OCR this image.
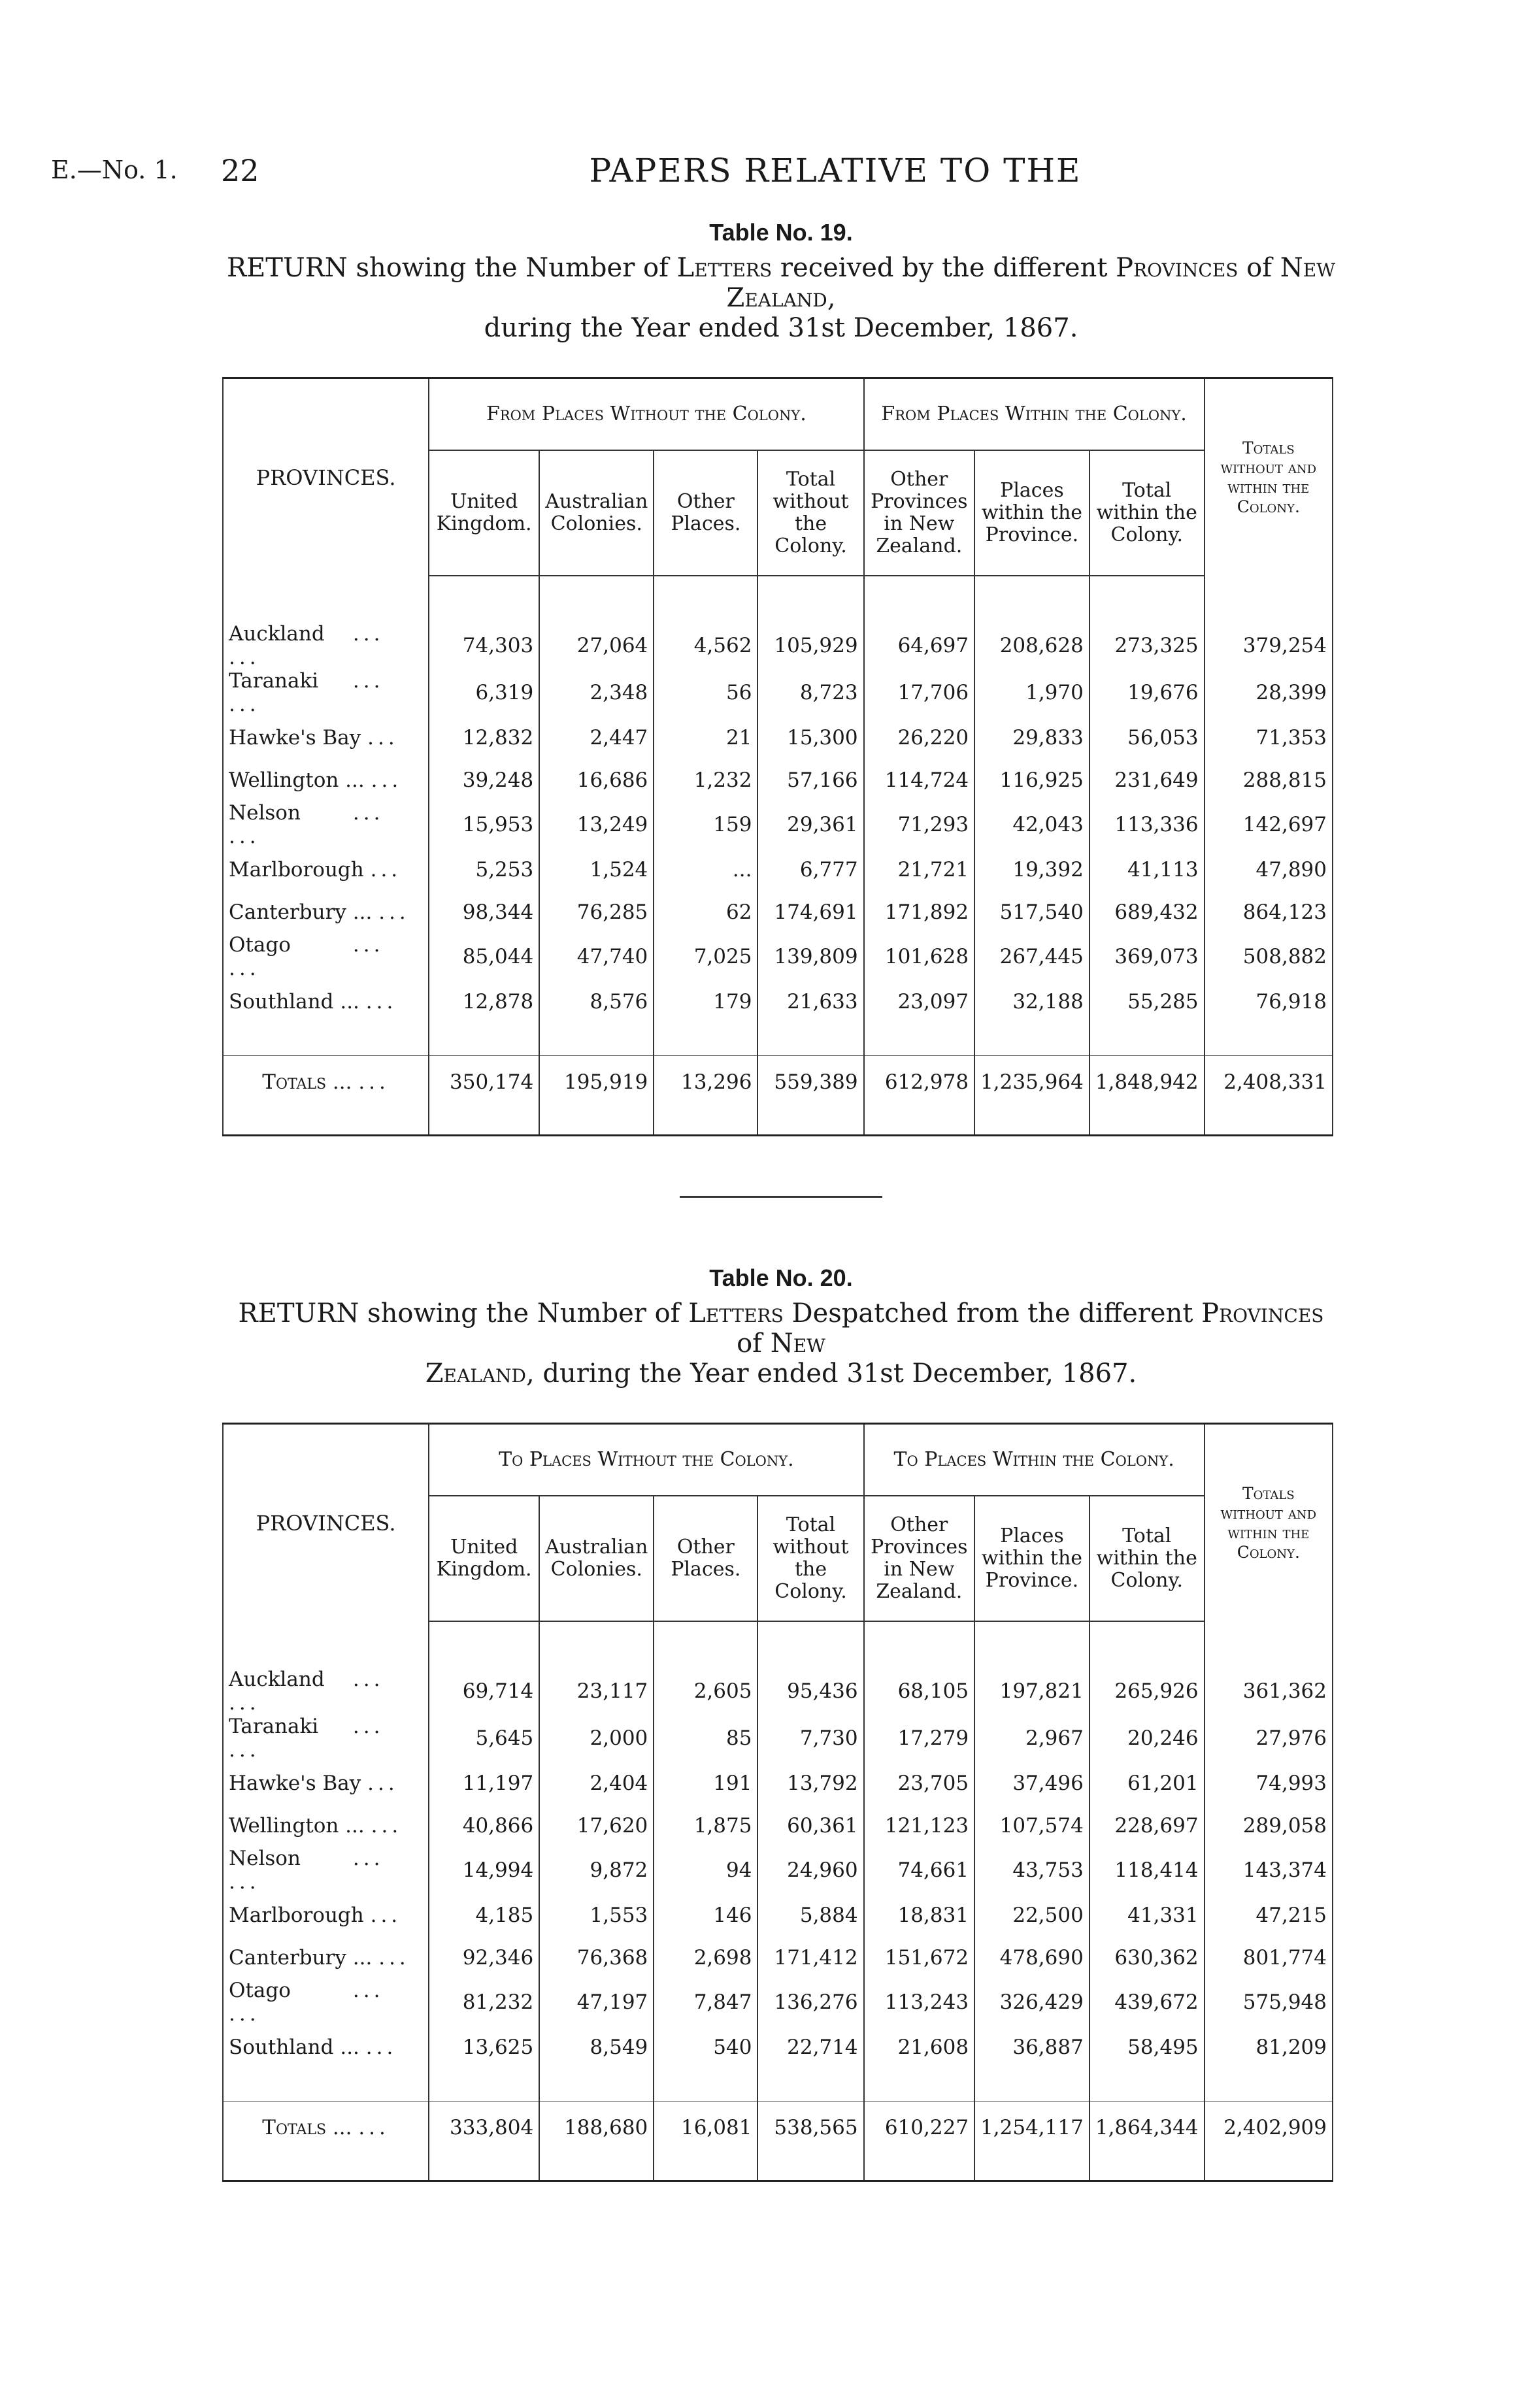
E.—No. 1. 22	PAPERS RELATIVE TO THE
Table No. 19.
RETURN showing the Number of Letters received by the different Provinces of New Zealand,
during the Year ended 31st December, 1867.
PROVINCES.	From Places Without the Colony.				From Places Within the Colony.			Totals without and within the Colony.
	United Kingdom.	Australian Colonies.	Other Places.	Total without the Colony.	Other Provinces in New Zealand.	Places within the Province.	Total within the Colony.	

Auckland ... ...	74,303	27,064	4,562	105,929	64,697	208,628	273,325	379,254
Taranaki ... ...	6,319	2,348	56	8,723	17,706	1,970	19,676	28,399
Hawke's Bay ...	12,832	2,447	21	15,300	26,220	29,833	56,053	71,353
Wellington ... ...	39,248	16,686	1,232	57,166	114,724	116,925	231,649	288,815
Nelson ... ...	15,953	13,249	159	29,361	71,293	42,043	113,336	142,697
Marlborough ...	5,253	1,524	...	6,777	21,721	19,392	41,113	47,890
Canterbury ... ...	98,344	76,285	62	174,691	171,892	517,540	689,432	864,123
Otago ... ...	85,044	47,740	7,025	139,809	101,628	267,445	369,073	508,882
Southland ... ...	12,878	8,576	179	21,633	23,097	32,188	55,285	76,918

Totals ... ...	350,174	195,919	13,296	559,389	612,978	1,235,964	1,848,942	2,408,331

Table No. 20.
RETURN showing the Number of Letters Despatched from the different Provinces of New
Zealand, during the Year ended 31st December, 1867.
PROVINCES.	To Places Without the Colony.				To Places Within the Colony.			Totals without and within the Colony.
	United Kingdom.	Australian Colonies.	Other Places.	Total without the Colony.	Other Provinces in New Zealand.	Places within the Province.	Total within the Colony.	

Auckland ... ...	69,714	23,117	2,605	95,436	68,105	197,821	265,926	361,362
Taranaki ... ...	5,645	2,000	85	7,730	17,279	2,967	20,246	27,976
Hawke's Bay ...	11,197	2,404	191	13,792	23,705	37,496	61,201	74,993
Wellington ... ...	40,866	17,620	1,875	60,361	121,123	107,574	228,697	289,058
Nelson ... ...	14,994	9,872	94	24,960	74,661	43,753	118,414	143,374
Marlborough ...	4,185	1,553	146	5,884	18,831	22,500	41,331	47,215
Canterbury ... ...	92,346	76,368	2,698	171,412	151,672	478,690	630,362	801,774
Otago ... ...	81,232	47,197	7,847	136,276	113,243	326,429	439,672	575,948
Southland ... ...	13,625	8,549	540	22,714	21,608	36,887	58,495	81,209

Totals ... ...	333,804	188,680	16,081	538,565	610,227	1,254,117	1,864,344	2,402,909
